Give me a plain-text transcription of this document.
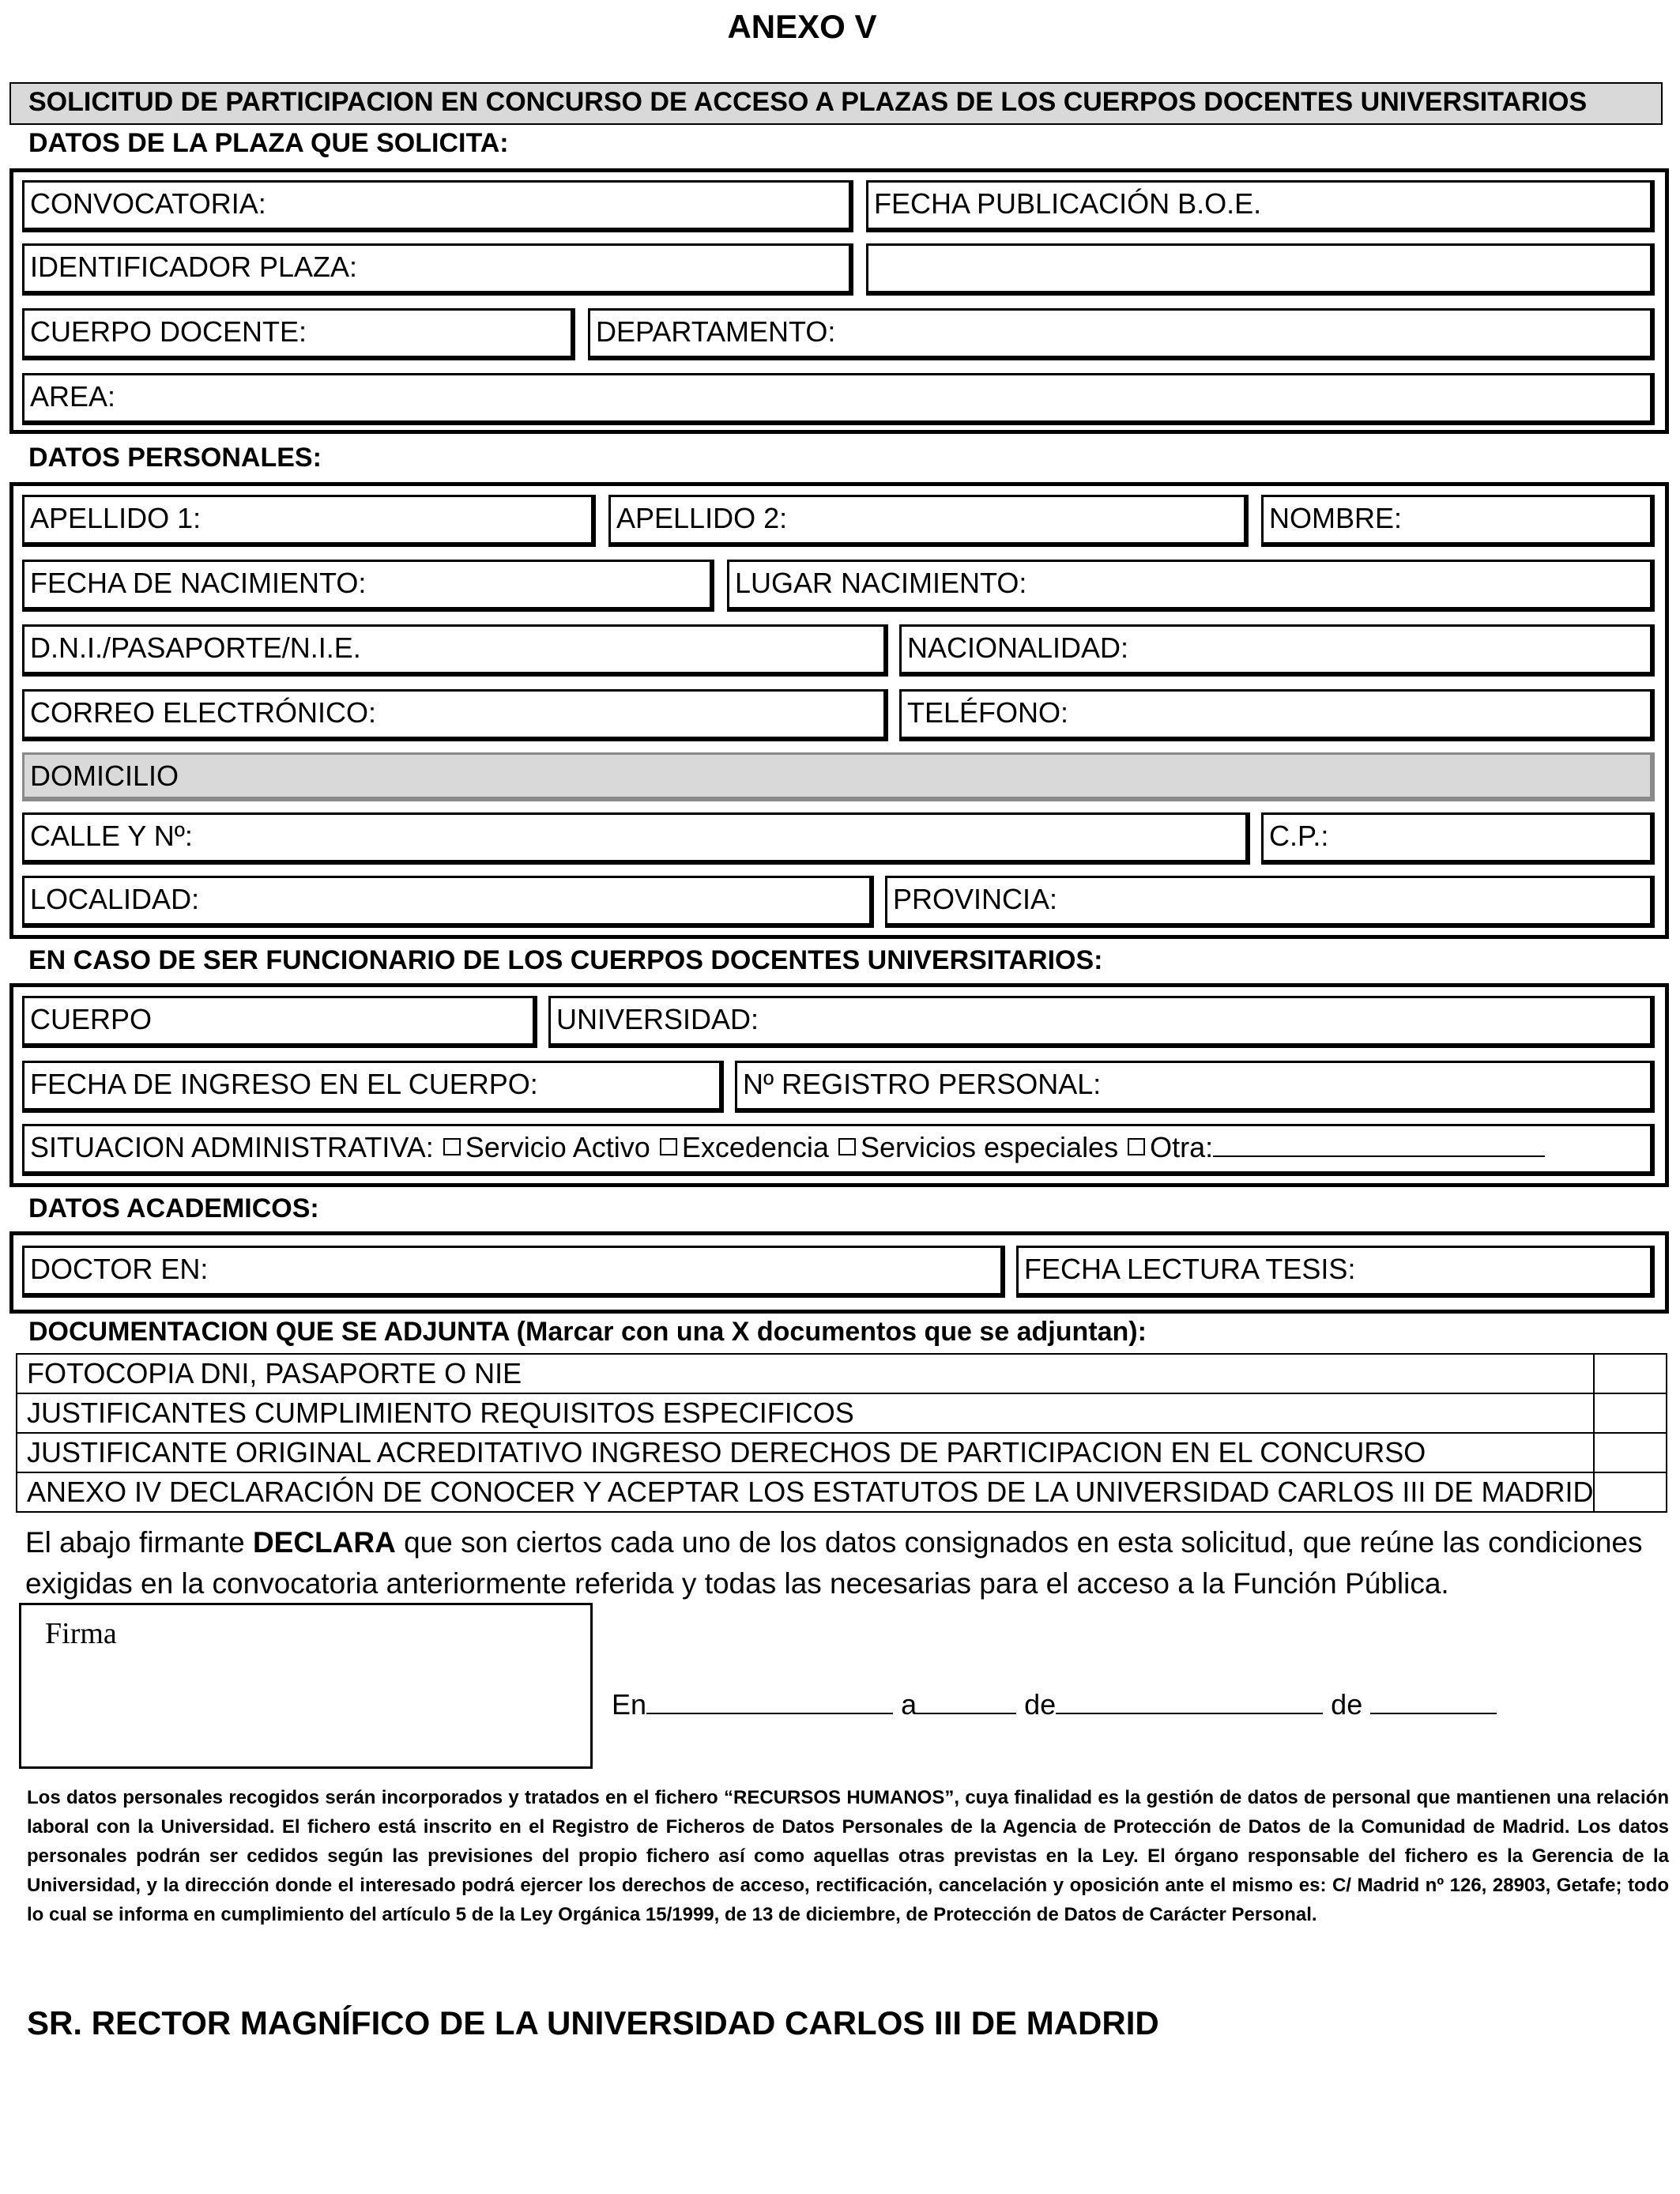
ANEXO V
SOLICITUD DE PARTICIPACION EN CONCURSO DE ACCESO A PLAZAS DE LOS CUERPOS DOCENTES UNIVERSITARIOS
DATOS DE LA PLAZA QUE SOLICITA:
CONVOCATORIA:	FECHA PUBLICACIÓN B.O.E.
IDENTIFICADOR PLAZA:
CUERPO DOCENTE:	DEPARTAMENTO:
AREA:
DATOS PERSONALES:
APELLIDO 1:	APELLIDO 2:	NOMBRE:
FECHA DE NACIMIENTO:	LUGAR NACIMIENTO:
D.N.I./PASAPORTE/N.I.E.	NACIONALIDAD:
CORREO ELECTRÓNICO:	TELÉFONO:
DOMICILIO
CALLE Y Nº:	C.P.:
LOCALIDAD:	PROVINCIA:
EN CASO DE SER FUNCIONARIO DE LOS CUERPOS DOCENTES UNIVERSITARIOS:
CUERPO	UNIVERSIDAD:
FECHA DE INGRESO EN EL CUERPO:	Nº REGISTRO PERSONAL:
SITUACION ADMINISTRATIVA: Servicio Activo Excedencia Servicios especiales Otra:
DATOS ACADEMICOS:
DOCTOR EN:	FECHA LECTURA TESIS:
DOCUMENTACION QUE SE ADJUNTA (Marcar con una X documentos que se adjuntan):
FOTOCOPIA DNI, PASAPORTE O NIE	
JUSTIFICANTES CUMPLIMIENTO REQUISITOS ESPECIFICOS	
JUSTIFICANTE ORIGINAL ACREDITATIVO INGRESO DERECHOS DE PARTICIPACION EN EL CONCURSO	
ANEXO IV DECLARACIÓN DE CONOCER Y ACEPTAR LOS ESTATUTOS DE LA UNIVERSIDAD CARLOS III DE MADRID	
El abajo firmante DECLARA que son ciertos cada uno de los datos consignados en esta solicitud, que reúne las condiciones exigidas en la convocatoria anteriormente referida y todas las necesarias para el acceso a la Función Pública.
Firma
En	a	de	de
Los datos personales recogidos serán incorporados y tratados en el fichero “RECURSOS HUMANOS”, cuya finalidad es la gestión de datos de personal que mantienen una relación laboral con la Universidad. El fichero está inscrito en el Registro de Ficheros de Datos Personales de la Agencia de Protección de Datos de la Comunidad de Madrid. Los datos personales podrán ser cedidos según las previsiones del propio fichero así como aquellas otras previstas en la Ley. El órgano responsable del fichero es la Gerencia de la Universidad, y la dirección donde el interesado podrá ejercer los derechos de acceso, rectificación, cancelación y oposición ante el mismo es: C/ Madrid nº 126, 28903, Getafe; todo lo cual se informa en cumplimiento del artículo 5 de la Ley Orgánica 15/1999, de 13 de diciembre, de Protección de Datos de Carácter Personal.
SR. RECTOR MAGNÍFICO DE LA UNIVERSIDAD CARLOS III DE MADRID
